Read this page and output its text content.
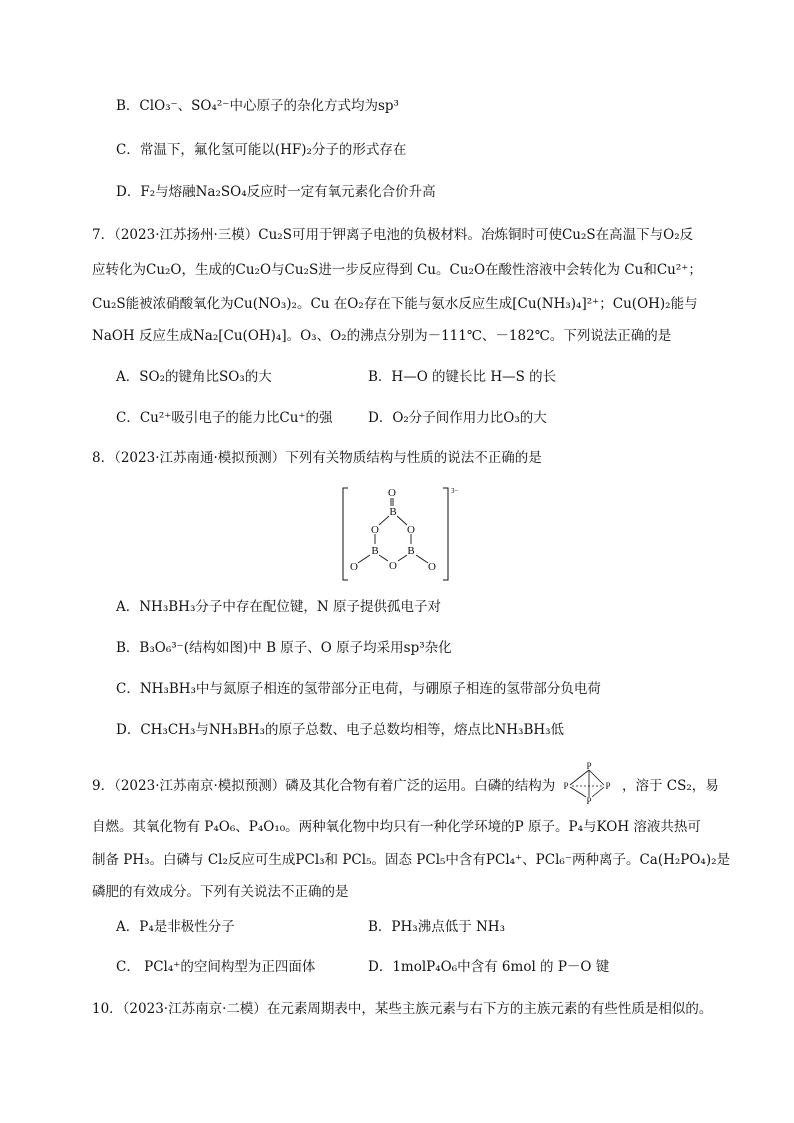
B．ClO₃⁻、SO₄²⁻中心原子的杂化方式均为sp³
C．常温下，氟化氢可能以(HF)₂分子的形式存在
D．F₂与熔融Na₂SO₄反应时一定有氧元素化合价升高
7．（2023·江苏扬州·三模）Cu₂S可用于钾离子电池的负极材料。冶炼铜时可使Cu₂S在高温下与O₂反
应转化为Cu₂O，生成的Cu₂O与Cu₂S进一步反应得到 Cu。Cu₂O在酸性溶液中会转化为 Cu和Cu²⁺；
Cu₂S能被浓硝酸氧化为Cu(NO₃)₂。Cu 在O₂存在下能与氨水反应生成[Cu(NH₃)₄]²⁺；Cu(OH)₂能与
NaOH 反应生成Na₂[Cu(OH)₄]。O₃、O₂的沸点分别为－111℃、－182℃。下列说法正确的是
A．SO₂的键角比SO₃的大	B．H—O 的键长比 H—S 的长
C．Cu²⁺吸引电子的能力比Cu⁺的强	D．O₂分子间作用力比O₃的大
8．（2023·江苏南通·模拟预测）下列有关物质结构与性质的说法不正确的是
3−
O
B
O	O
B	B
O
O	O
A．NH₃BH₃分子中存在配位键，N 原子提供孤电子对
B．B₃O₆³⁻(结构如图)中 B 原子、O 原子均采用sp³杂化
C．NH₃BH₃中与氮原子相连的氢带部分正电荷，与硼原子相连的氢带部分负电荷
D．CH₃CH₃与NH₃BH₃的原子总数、电子总数均相等，熔点比NH₃BH₃低
9．（2023·江苏南京·模拟预测）磷及其化合物有着广泛的运用。白磷的结构为
P
P	P
P
，溶于 CS₂，易
自燃。其氧化物有 P₄O₆、P₄O₁₀。两种氧化物中均只有一种化学环境的P 原子。P₄与KOH 溶液共热可
制备 PH₃。白磷与 Cl₂反应可生成PCl₃和 PCl₅。固态 PCl₅中含有PCl₄⁺、PCl₆⁻两种离子。Ca(H₂PO₄)₂是
磷肥的有效成分。下列有关说法不正确的是
A．P₄是非极性分子	B．PH₃沸点低于 NH₃
C． PCl₄⁺的空间构型为正四面体	D．1molP₄O₆中含有 6mol 的 P－O 键
10．（2023·江苏南京·二模）在元素周期表中，某些主族元素与右下方的主族元素的有些性质是相似的。
